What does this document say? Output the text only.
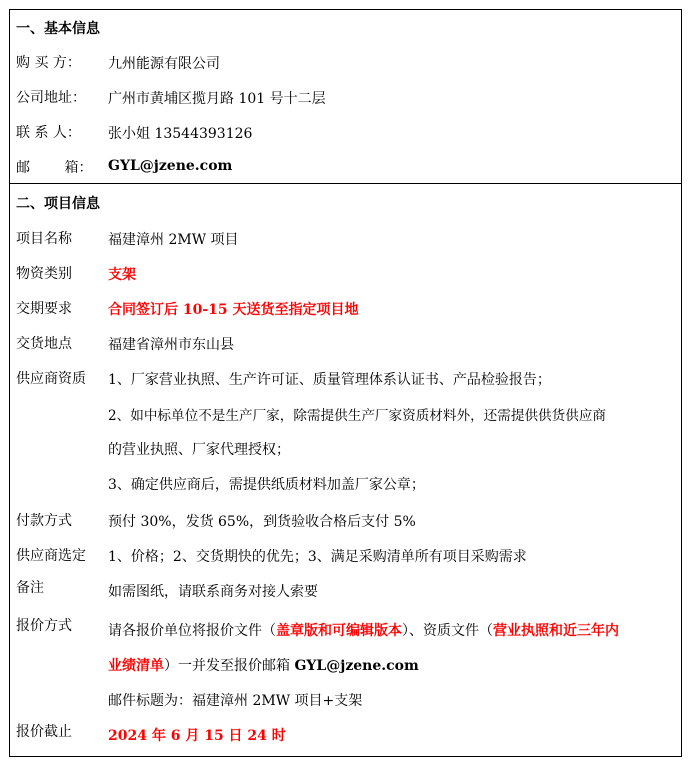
一、基本信息
购 买 方： 九州能源有限公司
公司地址： 广州市黄埔区揽月路 101 号十二层
联 系 人： 张小姐 13544393126
邮 箱： GYL@jzene.com
二、项目信息
项目名称	福建漳州 2MW 项目
物资类别	支架
交期要求	合同签订后 10-15 天送货至指定项目地
交货地点	福建省漳州市东山县
供应商资质 1、厂家营业执照、生产许可证、质量管理体系认证书、产品检验报告；
2、如中标单位不是生产厂家，除需提供生产厂家资质材料外，还需提供供货供应商
的营业执照、厂家代理授权；
3、确定供应商后，需提供纸质材料加盖厂家公章；
付款方式	预付 30%，发货 65%，到货验收合格后支付 5%
供应商选定 1、价格；2、交货期快的优先；3、满足采购清单所有项目采购需求
备注	如需图纸，请联系商务对接人索要
报价方式	请各报价单位将报价文件（盖章版和可编辑版本）、资质文件（营业执照和近三年内
业绩清单）一并发至报价邮箱 GYL@jzene.com
邮件标题为：福建漳州 2MW 项目+支架
报价截止	2024 年 6 月 15 日 24 时
